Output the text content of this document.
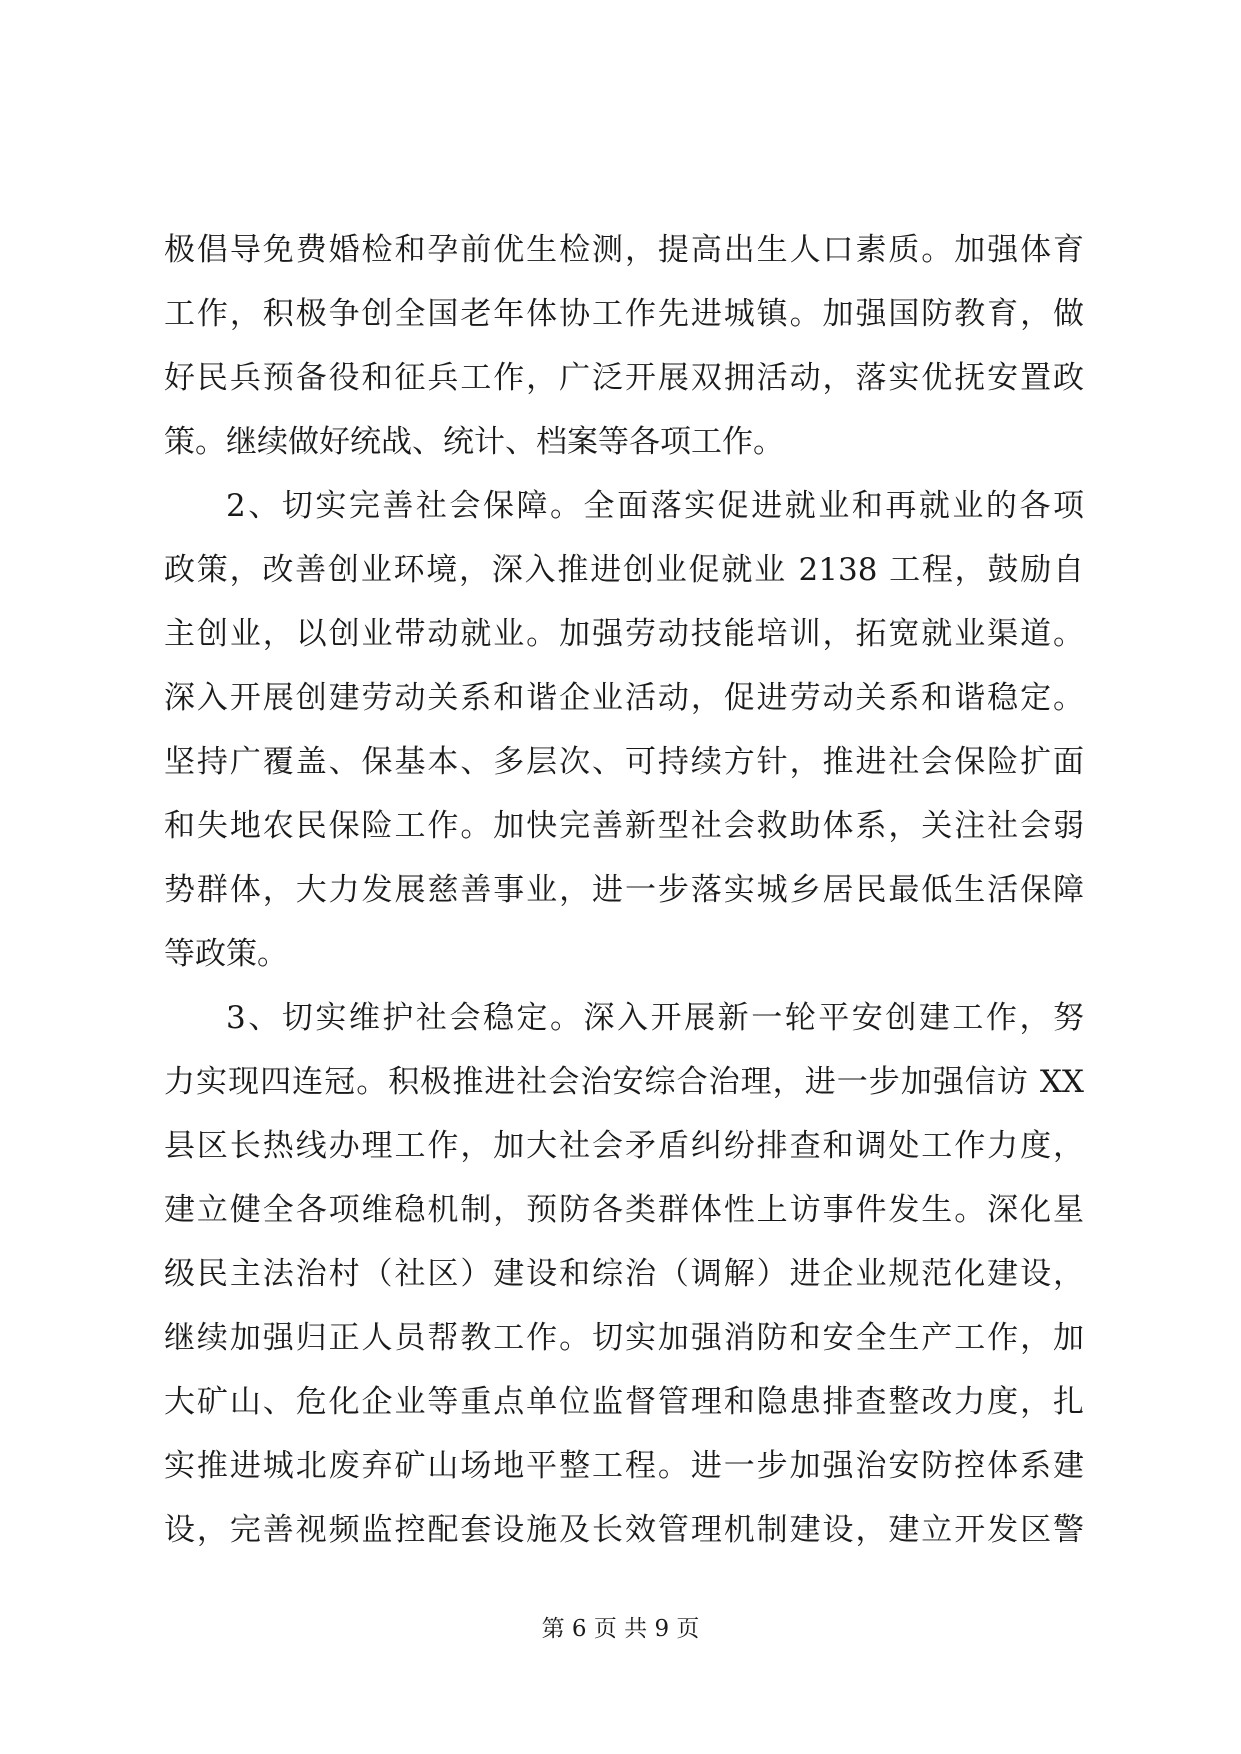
极倡导免费婚检和孕前优生检测，提高出生人口素质。加强体育
工作，积极争创全国老年体协工作先进城镇。加强国防教育，做
好民兵预备役和征兵工作，广泛开展双拥活动，落实优抚安置政
策。继续做好统战、统计、档案等各项工作。
2、切实完善社会保障。全面落实促进就业和再就业的各项
政策，改善创业环境，深入推进创业促就业 2138 工程，鼓励自
主创业，以创业带动就业。加强劳动技能培训，拓宽就业渠道。
深入开展创建劳动关系和谐企业活动，促进劳动关系和谐稳定。
坚持广覆盖、保基本、多层次、可持续方针，推进社会保险扩面
和失地农民保险工作。加快完善新型社会救助体系，关注社会弱
势群体，大力发展慈善事业，进一步落实城乡居民最低生活保障
等政策。
3、切实维护社会稳定。深入开展新一轮平安创建工作，努
力实现四连冠。积极推进社会治安综合治理，进一步加强信访 XX
县区长热线办理工作，加大社会矛盾纠纷排查和调处工作力度，
建立健全各项维稳机制，预防各类群体性上访事件发生。深化星
级民主法治村（社区）建设和综治（调解）进企业规范化建设，
继续加强归正人员帮教工作。切实加强消防和安全生产工作，加
大矿山、危化企业等重点单位监督管理和隐患排查整改力度，扎
实推进城北废弃矿山场地平整工程。进一步加强治安防控体系建
设，完善视频监控配套设施及长效管理机制建设，建立开发区警
第 6 页 共 9 页
